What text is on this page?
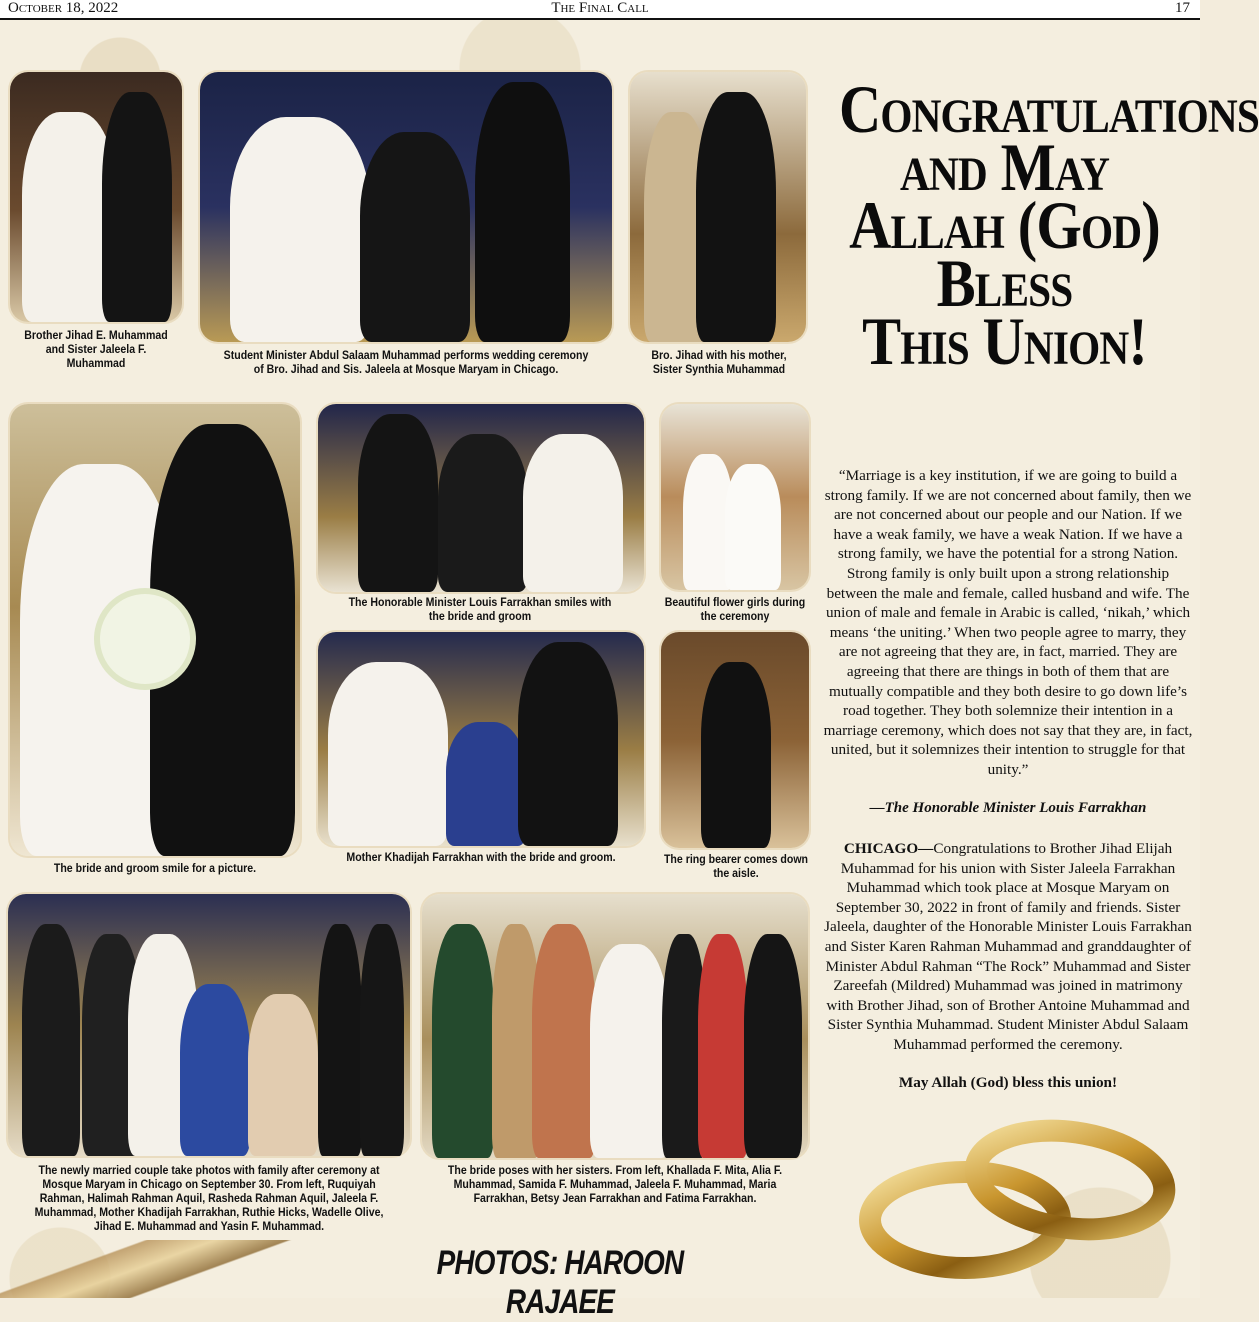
October 18, 2022	The Final Call	17
Brother Jihad E. Muhammad and Sister Jaleela F. Muhammad
Student Minister Abdul Salaam Muhammad performs wedding ceremony of Bro. Jihad and Sis. Jaleela at Mosque Maryam in Chicago.
Bro. Jihad with his mother, Sister Synthia Muhammad
Congratulations
and May
Allah (God)
Bless
This Union!
The bride and groom smile for a picture.
The Honorable Minister Louis Farrakhan smiles with the bride and groom
Beautiful flower girls during the ceremony
Mother Khadijah Farrakhan with the bride and groom.	The ring bearer comes down the aisle.
“Marriage is a key institution, if we are going to build a strong family. If we are not concerned about family, then we are not concerned about our people and our Nation. If we have a weak family, we have a weak Nation. If we have a strong family, we have the potential for a strong Nation. Strong family is only built upon a strong relationship between the male and female, called husband and wife. The union of male and female in Arabic is called, ‘nikah,’ which means ‘the uniting.’ When two people agree to marry, they are not agreeing that they are, in fact, married. They are agreeing that there are things in both of them that are mutually compatible and they both desire to go down life’s road together. They both solemnize their intention in a marriage ceremony, which does not say that they are, in fact, united, but it solemnizes their intention to struggle for that unity.”
—The Honorable Minister Louis Farrakhan
CHICAGO—Congratulations to Brother Jihad Elijah Muhammad for his union with Sister Jaleela Farrakhan Muhammad which took place at Mosque Maryam on September 30, 2022 in front of family and friends. Sister Jaleela, daughter of the Honorable Minister Louis Farrakhan and Sister Karen Rahman Muhammad and granddaughter of Minister Abdul Rahman “The Rock” Muhammad and Sister Zareefah (Mildred) Muhammad was joined in matrimony with Brother Jihad, son of Brother Antoine Muhammad and Sister Synthia Muhammad. Student Minister Abdul Salaam Muhammad performed the ceremony.
May Allah (God) bless this union!
The newly married couple take photos with family after ceremony at Mosque Maryam in Chicago on September 30. From left, Ruquiyah Rahman, Halimah Rahman Aquil, Rasheda Rahman Aquil, Jaleela F. Muhammad, Mother Khadijah Farrakhan, Ruthie Hicks, Wadelle Olive, Jihad E. Muhammad and Yasin F. Muhammad.
The bride poses with her sisters. From left, Khallada F. Mita, Alia F. Muhammad, Samida F. Muhammad, Jaleela F. Muhammad, Maria Farrakhan, Betsy Jean Farrakhan and Fatima Farrakhan.
PHOTOS: HAROON RAJAEE
